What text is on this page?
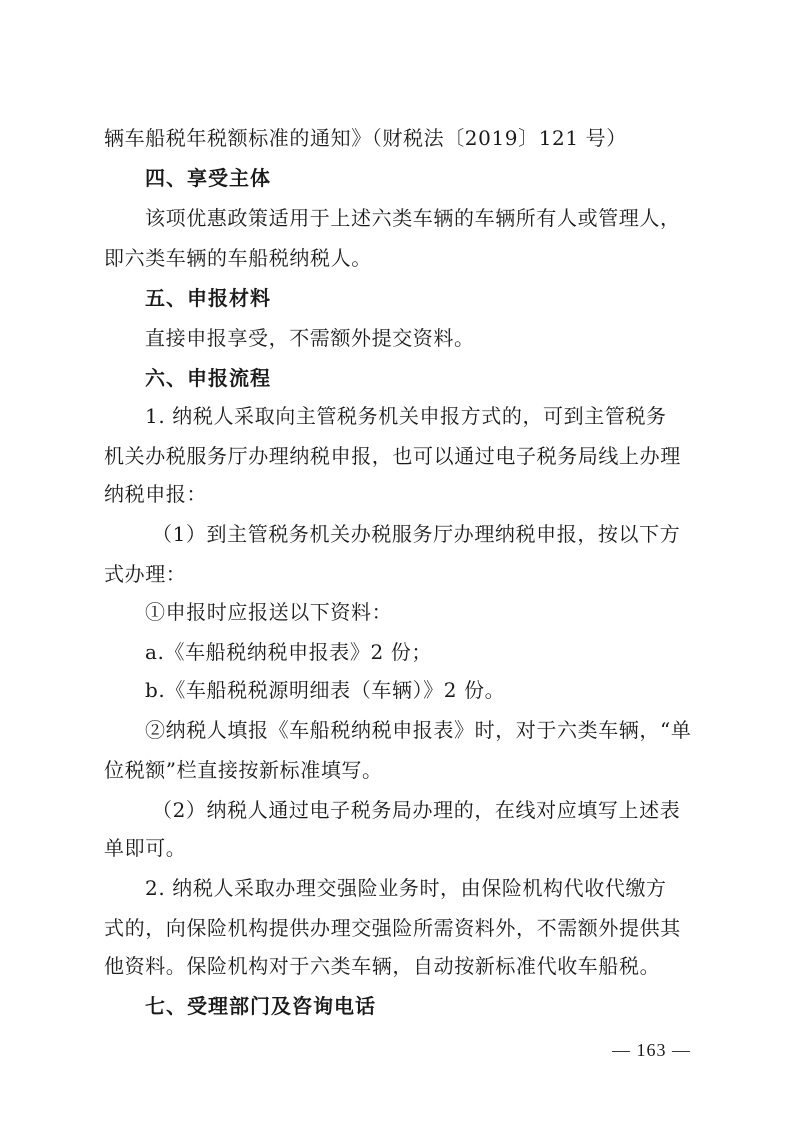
辆车船税年税额标准的通知》（财税法〔2019〕121 号）
四、享受主体
该项优惠政策适用于上述六类车辆的车辆所有人或管理人，
即六类车辆的车船税纳税人。
五、申报材料
直接申报享受，不需额外提交资料。
六、申报流程
1. 纳税人采取向主管税务机关申报方式的，可到主管税务
机关办税服务厅办理纳税申报，也可以通过电子税务局线上办理
纳税申报：
（1）到主管税务机关办税服务厅办理纳税申报，按以下方
式办理：
①申报时应报送以下资料：
a.《车船税纳税申报表》2 份；
b.《车船税税源明细表（车辆）》2 份。
②纳税人填报《车船税纳税申报表》时，对于六类车辆，“单
位税额”栏直接按新标准填写。
（2）纳税人通过电子税务局办理的，在线对应填写上述表
单即可。
2. 纳税人采取办理交强险业务时，由保险机构代收代缴方
式的，向保险机构提供办理交强险所需资料外，不需额外提供其
他资料。保险机构对于六类车辆，自动按新标准代收车船税。
七、受理部门及咨询电话
— 163 —
